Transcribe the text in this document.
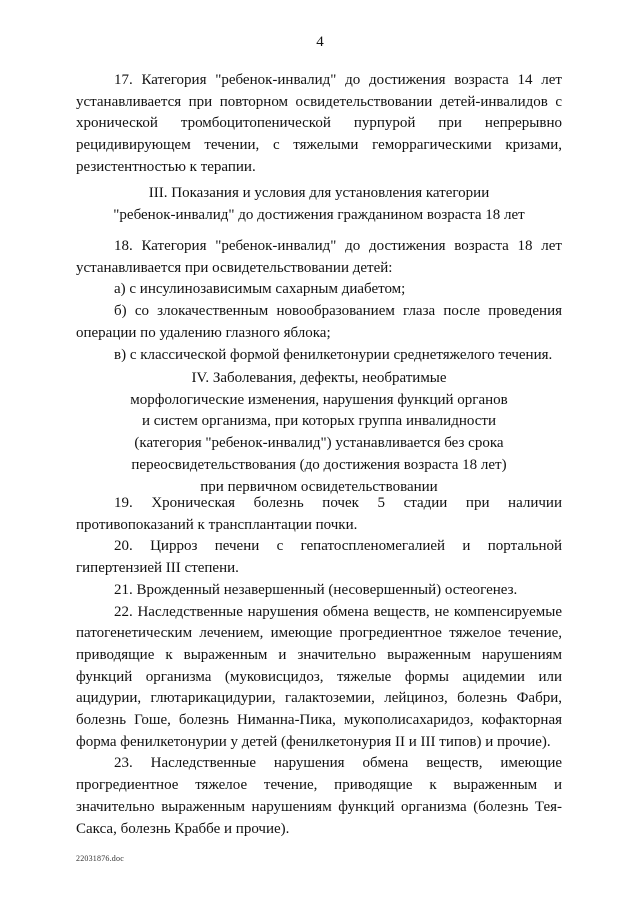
4

17. Категория "ребенок-инвалид" до достижения возраста 14 лет устанавливается при повторном освидетельствовании детей-инвалидов с хронической тромбоцитопенической пурпурой при непрерывно рецидивирующем течении, с тяжелыми геморрагическими кризами, резистентностью к терапии.

III. Показания и условия для установления категории

"ребенок-инвалид" до достижения гражданином возраста 18 лет

18. Категория "ребенок-инвалид" до достижения возраста 18 лет устанавливается при освидетельствовании детей:

а) с инсулинозависимым сахарным диабетом;

б) со злокачественным новообразованием глаза после проведения операции по удалению глазного яблока;

в) с классической формой фенилкетонурии среднетяжелого течения.

IV. Заболевания, дефекты, необратимые

морфологические изменения, нарушения функций органов

и систем организма, при которых группа инвалидности

(категория "ребенок-инвалид") устанавливается без срока

переосвидетельствования (до достижения возраста 18 лет)

при первичном освидетельствовании

19. Хроническая болезнь почек 5 стадии при наличии противопоказаний к трансплантации почки.

20. Цирроз печени с гепатоспленомегалией и портальной гипертензией III степени.

21. Врожденный незавершенный (несовершенный) остеогенез.

22. Наследственные нарушения обмена веществ, не компенсируемые патогенетическим лечением, имеющие прогредиентное тяжелое течение, приводящие к выраженным и значительно выраженным нарушениям функций организма (муковисцидоз, тяжелые формы ацидемии или ацидурии, глютарикацидурии, галактоземии, лейциноз, болезнь Фабри, болезнь Гоше, болезнь Ниманна-Пика, мукополисахаридоз, кофакторная форма фенилкетонурии у детей (фенилкетонурия II и III типов) и прочие).

23. Наследственные нарушения обмена веществ, имеющие прогредиентное тяжелое течение, приводящие к выраженным и значительно выраженным нарушениям функций организма (болезнь Тея-Сакса, болезнь Краббе и прочие).

22031876.doc
